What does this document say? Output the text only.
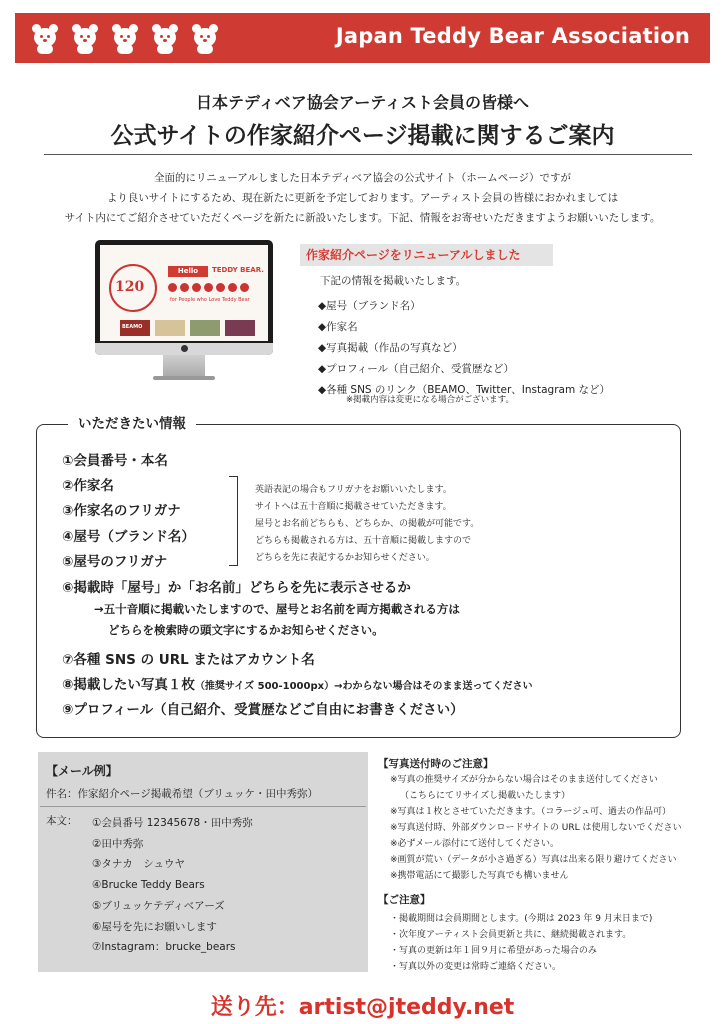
Japan Teddy Bear Association
日本テディベア協会アーティスト会員の皆様へ
公式サイトの作家紹介ページ掲載に関するご案内
全面的にリニューアルしました日本テディベア協会の公式サイト（ホームページ）ですが
より良いサイトにするため、現在新たに更新を予定しております。アーティスト会員の皆様におかれましては
サイト内にてご紹介させていただくページを新たに新設いたします。下記、情報をお寄せいただきますようお願いいたします。
120
Hello	TEDDY BEAR.
for People who Love Teddy Bear
BEAMO
作家紹介ページをリニューアルしました
下記の情報を掲載いたします。
◆屋号（ブランド名）
◆作家名
◆写真掲載（作品の写真など）
◆プロフィール（自己紹介、受賞歴など）
◆各種 SNS のリンク（BEAMO、Twitter、Instagram など）
※掲載内容は変更になる場合がございます。
いただきたい情報
①会員番号・本名
②作家名
③作家名のフリガナ
④屋号（ブランド名）
⑤屋号のフリガナ
英語表記の場合もフリガナをお願いいたします。
サイトへは五十音順に掲載させていただきます。
屋号とお名前どちらも、どちらか、の掲載が可能です。
どちらも掲載される方は、五十音順に掲載しますので
どちらを先に表記するかお知らせください。
⑥掲載時「屋号」か「お名前」どちらを先に表示させるか
→五十音順に掲載いたしますので、屋号とお名前を両方掲載される方は
どちらを検索時の頭文字にするかお知らせください。
⑦各種 SNS の URL またはアカウント名
⑧掲載したい写真１枚（推奨サイズ 500-1000px）→わからない場合はそのまま送ってください
⑨プロフィール（自己紹介、受賞歴などご自由にお書きください）
【メール例】
件名：作家紹介ページ掲載希望（ブリュッケ・田中秀弥）
本文： ①会員番号 12345678・田中秀弥
②田中秀弥
③タナカ　シュウヤ
④Brucke Teddy Bears
⑤ブリュッケテディベアーズ
⑥屋号を先にお願いします
⑦Instagram：brucke_bears
【写真送付時のご注意】
※写真の推奨サイズが分からない場合はそのまま送付してください
（こちらにてリサイズし掲載いたします）
※写真は１枚とさせていただきます。（コラージュ可、過去の作品可）
※写真送付時、外部ダウンロードサイトの URL は使用しないでください
※必ずメール添付にて送付してください。
※画質が荒い（データが小さ過ぎる）写真は出来る限り避けてください
※携帯電話にて撮影した写真でも構いません
【ご注意】
・掲載期間は会員期間とします。(今期は 2023 年 9 月末日まで)
・次年度アーティスト会員更新と共に、継続掲載されます。
・写真の更新は年１回９月に希望があった場合のみ
・写真以外の変更は常時ご連絡ください。
送り先：artist@jteddy.net
